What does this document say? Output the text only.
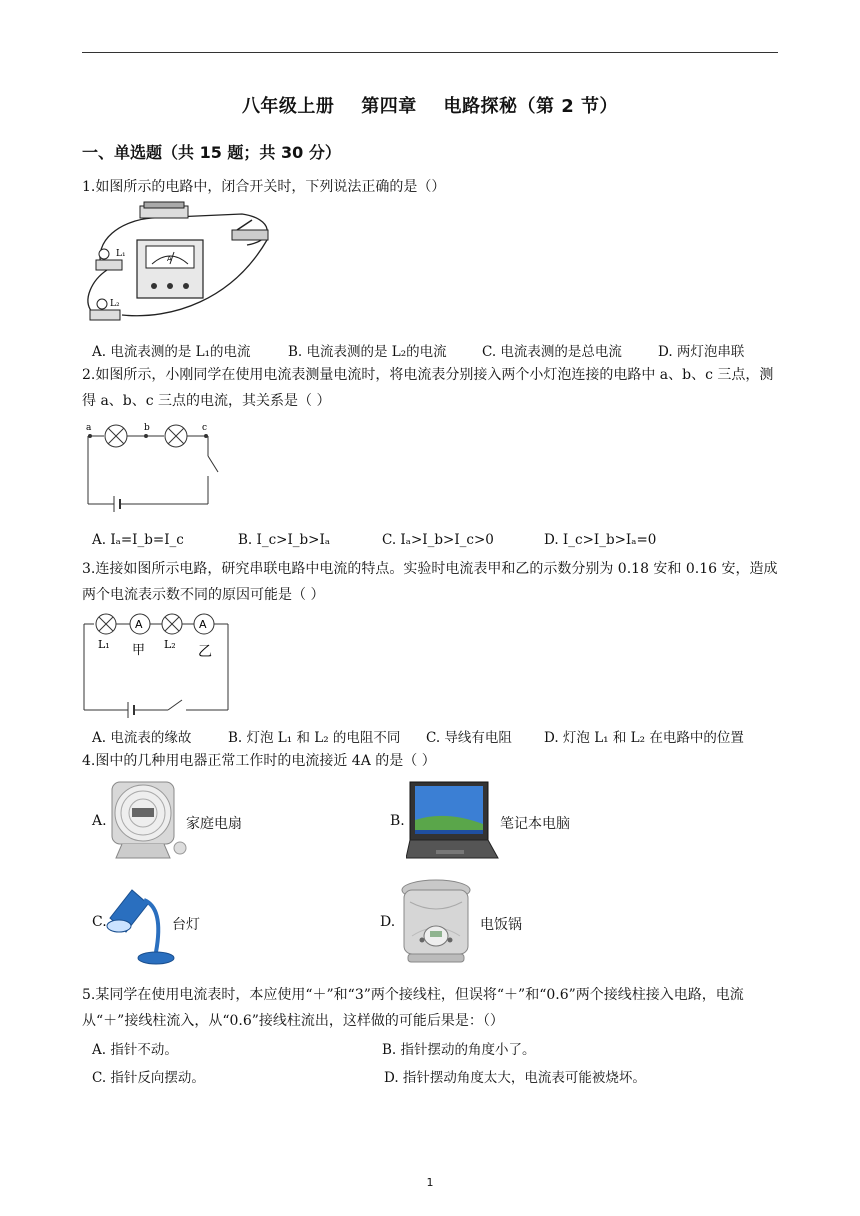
八年级上册 第四章 电路探秘（第 2 节）
一、单选题（共 15 题；共 30 分）
1.如图所示的电路中，闭合开关时，下列说法正确的是（）
A
L₁
L₂
A. 电流表测的是 L₁的电流	B. 电流表测的是 L₂的电流	C. 电流表测的是总电流	D. 两灯泡串联
2.如图所示，小刚同学在使用电流表测量电流时，将电流表分别接入两个小灯泡连接的电路中 a、b、c 三点，测得 a、b、c 三点的电流，其关系是（ ）
a	b	c
A. Iₐ=I_b=I_c	B. I_c>I_b>Iₐ	C. Iₐ>I_b>I_c>0	D. I_c>I_b>Iₐ=0
3.连接如图所示电路，研究串联电路中电流的特点。实验时电流表甲和乙的示数分别为 0.18 安和 0.16 安，造成两个电流表示数不同的原因可能是（ ）
A	A
L₁ 甲 L₂ 乙
A. 电流表的缘故	B. 灯泡 L₁ 和 L₂ 的电阻不同 C. 导线有电阻 D. 灯泡 L₁ 和 L₂ 在电路中的位置
4.图中的几种用电器正常工作时的电流接近 4A 的是（ ）
A.	家庭电扇	B.	笔记本电脑
C.	台灯	D.	电饭锅
5.某同学在使用电流表时，本应使用“＋”和“3”两个接线柱，但误将“＋”和“0.6”两个接线柱接入电路，电流从“＋”接线柱流入，从“0.6”接线柱流出，这样做的可能后果是：（）
A. 指针不动。	B. 指针摆动的角度小了。
C. 指针反向摆动。	D. 指针摆动角度太大，电流表可能被烧坏。
1
